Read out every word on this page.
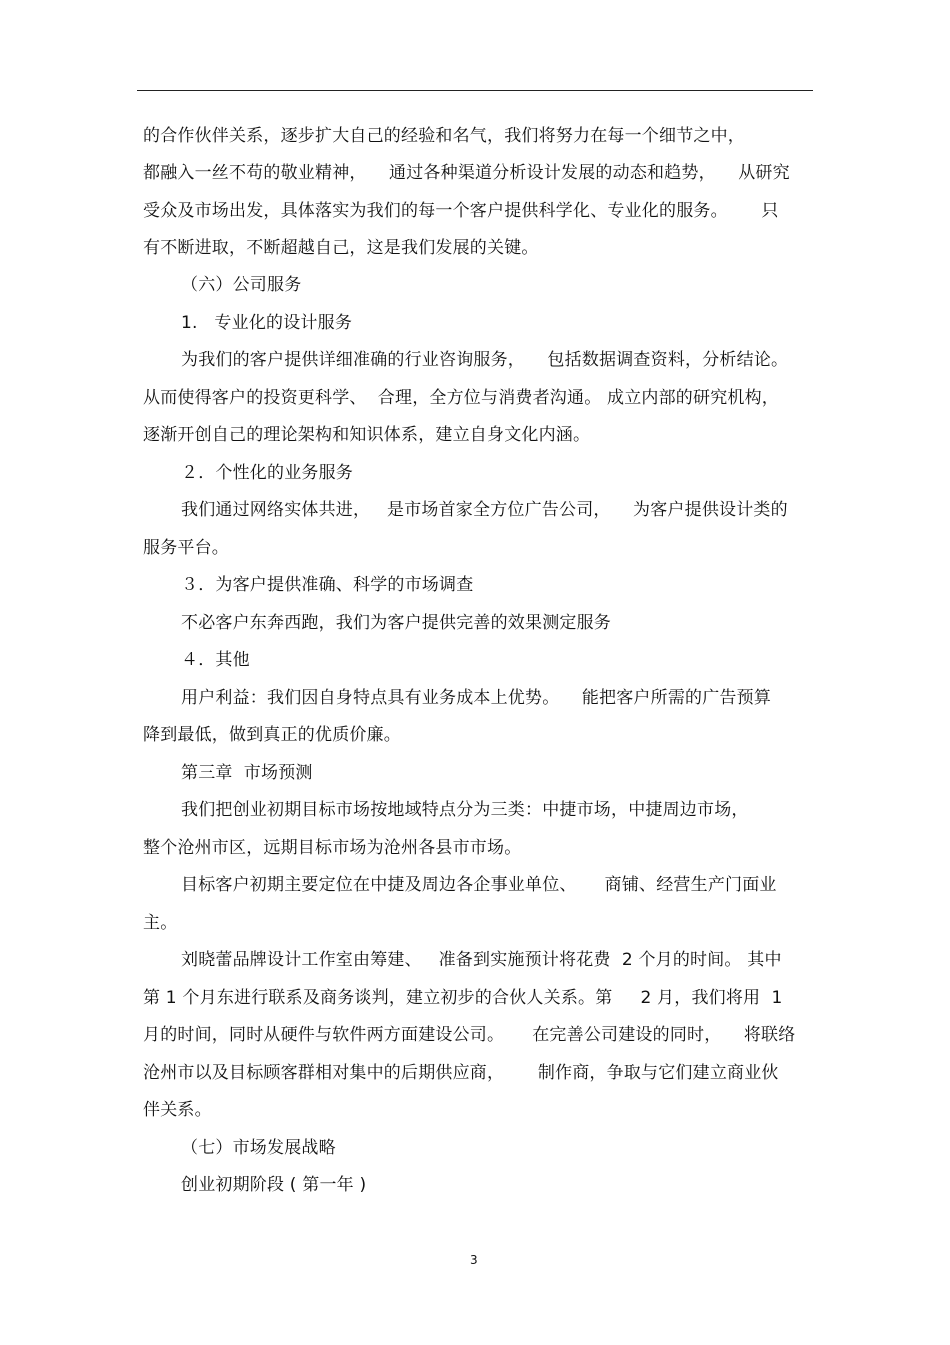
的合作伙伴关系，逐步扩大自己的经验和名气，我们将努力在每一个细节之中，
都融入一丝不苟的敬业精神，    通过各种渠道分析设计发展的动态和趋势，    从研究
受众及市场出发，具体落实为我们的每一个客户提供科学化、专业化的服务。      只
有不断进取，不断超越自己，这是我们发展的关键。
（六）公司服务
1.   专业化的设计服务
为我们的客户提供详细准确的行业咨询服务，    包括数据调查资料，分析结论。
从而使得客户的投资更科学、  合理，全方位与消费者沟通。 成立内部的研究机构，
逐渐开创自己的理论架构和知识体系，建立自身文化内涵。
２．个性化的业务服务
我们通过网络实体共进，   是市场首家全方位广告公司，    为客户提供设计类的
服务平台。
３．为客户提供准确、科学的市场调查
不必客户东奔西跑，我们为客户提供完善的效果测定服务
４．其他
用户利益：我们因自身特点具有业务成本上优势。    能把客户所需的广告预算
降到最低，做到真正的优质价廉。
第三章  市场预测
我们把创业初期目标市场按地域特点分为三类：中捷市场，中捷周边市场，
整个沧州市区，远期目标市场为沧州各县市市场。
目标客户初期主要定位在中捷及周边各企事业单位、     商铺、经营生产门面业
主。
刘晓蕾品牌设计工作室由筹建、   准备到实施预计将花费  2 个月的时间。 其中
第 1 个月东进行联系及商务谈判，建立初步的合伙人关系。第     2 月，我们将用  1
月的时间，同时从硬件与软件两方面建设公司。     在完善公司建设的同时，    将联络
沧州市以及目标顾客群相对集中的后期供应商，      制作商，争取与它们建立商业伙
伴关系。
（七）市场发展战略
创业初期阶段 ( 第一年 )
3
